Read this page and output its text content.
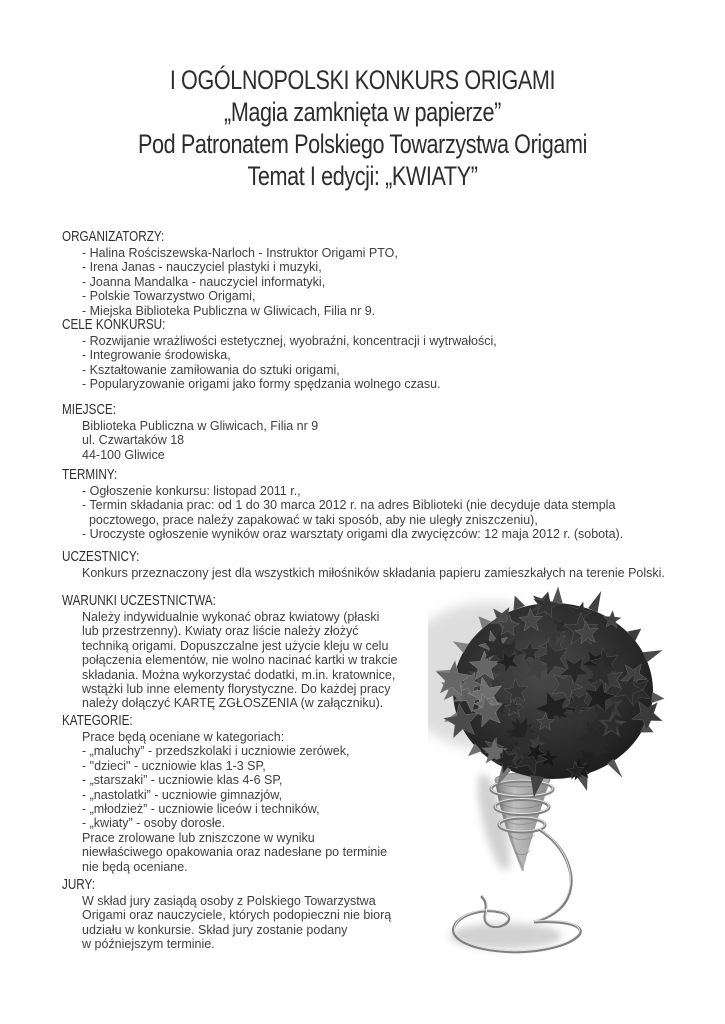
I OGÓLNOPOLSKI KONKURS ORIGAMI
„Magia zamknięta w papierze”
Pod Patronatem Polskiego Towarzystwa Origami
Temat I edycji: „KWIATY”
ORGANIZATORZY:
- Halina Rościszewska-Narloch - Instruktor Origami PTO,
- Irena Janas - nauczyciel plastyki i muzyki,
- Joanna Mandalka - nauczyciel informatyki,
- Polskie Towarzystwo Origami,
- Miejska Biblioteka Publiczna w Gliwicach, Filia nr 9.
CELE KONKURSU:
- Rozwijanie wrażliwości estetycznej, wyobraźni, koncentracji i wytrwałości,
- Integrowanie środowiska,
- Kształtowanie zamiłowania do sztuki origami,
- Popularyzowanie origami jako formy spędzania wolnego czasu.
MIEJSCE:
Biblioteka Publiczna w Gliwicach, Filia nr 9
ul. Czwartaków 18
44-100 Gliwice
TERMINY:
- Ogłoszenie konkursu: listopad 2011 r.,
- Termin składania prac: od 1 do 30 marca 2012 r. na adres Biblioteki (nie decyduje data stempla
pocztowego, prace należy zapakować w taki sposób, aby nie uległy zniszczeniu),
- Uroczyste ogłoszenie wyników oraz warsztaty origami dla zwycięzców: 12 maja 2012 r. (sobota).
UCZESTNICY:
Konkurs przeznaczony jest dla wszystkich miłośników składania papieru zamieszkałych na terenie Polski.
WARUNKI UCZESTNICTWA:
Należy indywidualnie wykonać obraz kwiatowy (płaski
lub przestrzenny). Kwiaty oraz liście należy złożyć
techniką origami. Dopuszczalne jest użycie kleju w celu
połączenia elementów, nie wolno nacinać kartki w trakcie
składania. Można wykorzystać dodatki, m.in. kratownice,
wstążki lub inne elementy florystyczne. Do każdej pracy
należy dołączyć KARTĘ ZGŁOSZENIA (w załączniku).
KATEGORIE:
Prace będą oceniane w kategoriach:
- „maluchy” - przedszkolaki i uczniowie zerówek,
- "dzieci" - uczniowie klas 1-3 SP,
- „starszaki” - uczniowie klas 4-6 SP,
- „nastolatki” - uczniowie gimnazjów,
- „młodzież” - uczniowie liceów i techników,
- „kwiaty” - osoby dorosłe.
Prace zrolowane lub zniszczone w wyniku
niewłaściwego opakowania oraz nadesłane po terminie
nie będą oceniane.
JURY:
W skład jury zasiądą osoby z Polskiego Towarzystwa
Origami oraz nauczyciele, których podopieczni nie biorą
udziału w konkursie. Skład jury zostanie podany
w późniejszym terminie.
